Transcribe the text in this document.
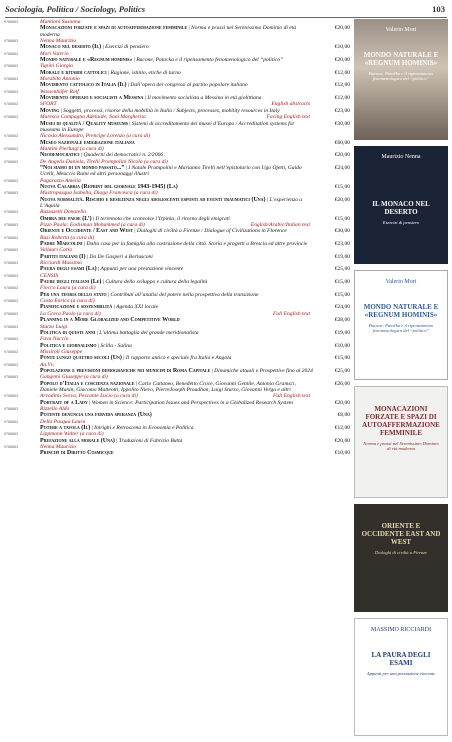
Sociologia, Politica / Sociology, Politics	103
9788863	Mantioni Susanna
Monacazioni forzate e spazi di autoaffermazione femminile | Norma e prassi nel Serenissimo Dominio di età moderna
€20,00
9788863	Nenna Maurizio
Monaco nel deserto (Il) | Esercizi di pensiero	€10,00
9788863	Mori Valerio
Mondo naturale e «Regnum hominis» | Bacone, Patocka e il ripensamento fenomenologico del “politico”	€20,00
9788863	Tupini Giorgio
Morale e ritardi cattolici | Ragione, istinto, etiche di turno	€12,00
9788863	Morabito Antonio
Movimento cattolico in Italia (Il) | Dall’opera dei congressi al partito popolare italiano	€12,00
9788863	Wassenhöfer Rolf
Movimento operaio e socialisti a Messina | Il movimento socialista a Messina in età giolittiana	€12,00
9788863	SFORT	English abstracts
Moving | Soggetti, processi, risorse della mobilità in Italia / Subjects, processes, mobility resources in Italy	€23,00
9788863	Maresca Compagna Adelaide; Sani Margherita	Facing English text
Musei di qualità / Quality museums | Sistemi di accreditamento dei musei d’Europa / Accreditation systems for museums in Europe
€30,00
9788863	Nicosia Alessandro, Prencipe Lorenzo (a cura di)
Museo nazionale emigrazione italiana	€60,00
9788863	Mantini Pierluigi (a cura di)
Neodemocratici | Quaderni dei democratici n. 2/2006	€20,00
9788863	De Angelis Daniela, Tirelli Prampolini Nicola (a cura di)
“Noi siamo di un mondo passato...” | I Natale Prampolini e Marianno Tirelli nell’epistolario con Ugo Ojetti, Guido Ucelli, Meuccio Ruini ed altri personaggi illustri
€24,00
9788863	Pagarazzo Amelia
Nuova Calabria (Reprint del giornale 1943-1945) (La)	€15,00
9788863	Mastropasqua Isabella, Diaga Francesca (a cura di)
Nuova normalità. Rischio e resilienza negli adolescenti esposti ad eventi traumatici (Una) | L’esperienza a L’Aquila
€20,00
9788863	Buzzazetti Donatella
Ombra dee paese (L’) | Il terremoto che sconvolse l’Irpinia, il ritorno degli emigrati	€15,00
9788863	Pizzo Paola; Eodisman Mohammed (a cura di)	English/Arabic/Italian text
Oriente e Occidente / East and West | Dialoghi di civiltà a Firenze / Dialogue of Civilizations in Florence	€30,00
9788863	Busi Roberta (a cura di)
Padre Marcolini | Dalla casa per la famiglia alla costruzione della città. Storia e progetti a Brescia ed altre provincie	€23,00
9788863	Vallauri Carlo
Partiti italiani (I) | Da De Gasperi a Berlusconi	€19,00
9788863	Ricciardi Massimo
Paura degli esami (La) | Appunti per una prestazione vincente	€25,00
9788863	CENSIS
Paure degli italiani (Le) | Cultura dello sviluppo e cultura della legalità	€15,00
9788863	Fiocco Laura (a cura di)
Per una teoria dello stato | Contributi all’analisi del potere nella prospettiva della transizione	€15,00
9788863	Costa Enrico (a cura di)
Pianificazione e sostenibilità | Agenda XXI locale	€24,00
9788863	La Greca Paolo (a cura di)	Full English text
Planning in a More Globalized and Competitive World	€28,00
9788863	Sturzo Luigi
Politica di questi anni | L’ultima battaglia del grande meridionalista	€19,00
9788863	Fava Nuccio
Politica e giornalismo | Scilla - Salina	€10,00
9788863	Missiroli Giuseppe
Ponte lungo quattro secoli (Un) | Il rapporto antico e speciale fra Italia e Angola	€15,00
9788863	Aa.Vv.
Popolazione e previsioni demografiche nei municipi di Roma Capitale | Dinamiche attuali e Prospettive fino al 2024	€25,00
9788863	Gangemi Giuseppe (a cura di)
Popolo d’Italia e coscienza nazionale | Carlo Cattaneo, Benedetto Croce, Giovanni Gentile, Antonio Gramsci, Daniele Manin, Giacomo Matteotti, Ippolito Nievo, PierreJoseph Proudhon, Luigi Sturzo, Giovanni Verga e altri
€26,00
9788863	Arvadinis Sveva, Pescante Lucio (a cura di)	Full English text
Portrait of a Lady | Women in Science: Participation Issues and Perspectives in a Globalized Research System	€20,00
9788863	Rizzello Aldo
Potente denuncia una fervida speranza (Una)	€8,00
9788863	Della Pasqua Laura
Potere a tavola (Il) | Intrighi e Retroscena in Economia e Politica	€12,00
9788863	Lippmann Walter (a cura di)
Prefazione alla morale (Una) | Traduzioni di Fabrizio Buttà	€20,00
9788863	Nenna Maurizio
Principi di Diritto Cosmicque	€10,00
Valerio Mori
MONDO NATURALE E «REGNUM HOMINIS»
Bacone, Patočka e il ripensamento fenomenologico del “politico”
Maurizio Nenna
IL MONACO NEL DESERTO
Esercizi di pensiero
Valerio Mori
MONDO NATURALE E «REGNUM HOMINIS»
Bacone, Patočka e il ripensamento fenomenologico del “politico”
MONACAZIONI FORZATE E SPAZI DI AUTOAFFERMAZIONE FEMMINILE
Norma e prassi nel Serenissimo Dominio di età moderna
ORIENTE E OCCIDENTE EAST AND WEST
Dialoghi di civiltà a Firenze
MASSIMO RICCIARDI
LA PAURA DEGLI ESAMI
Appunti per una prestazione vincente
